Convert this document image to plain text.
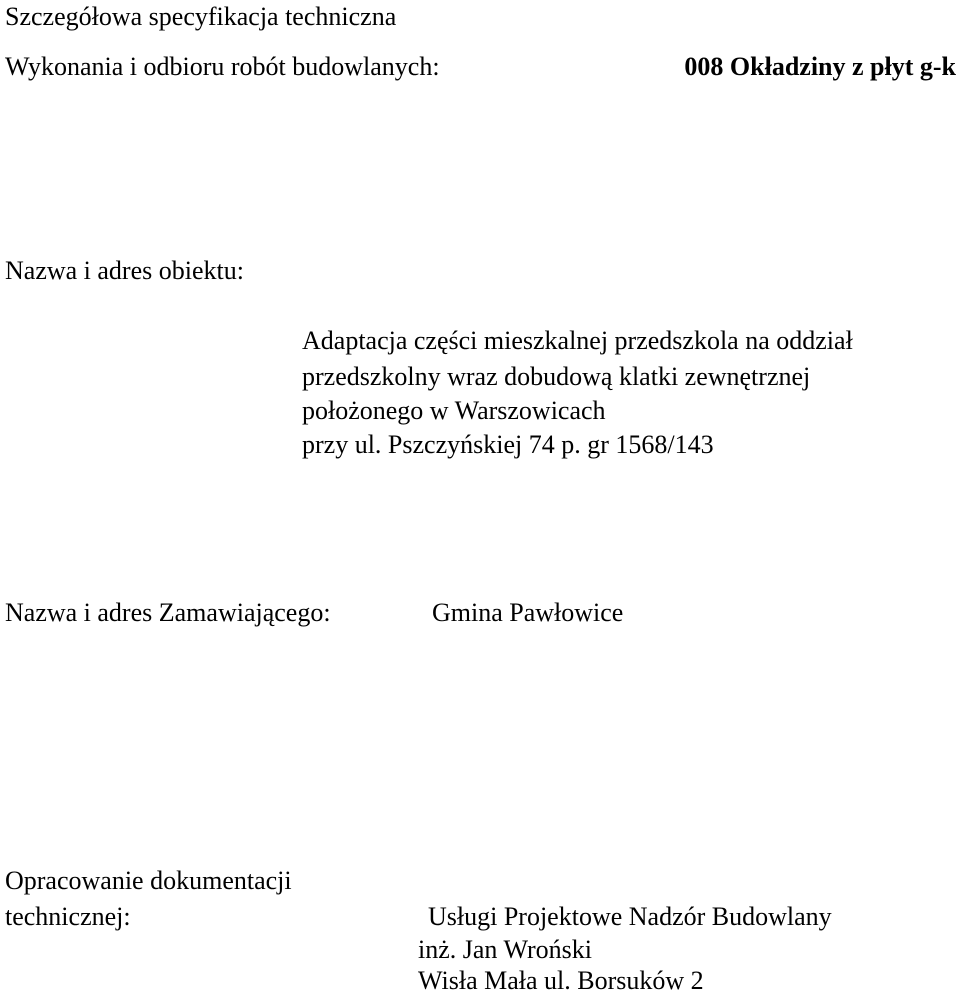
Szczegółowa specyfikacja techniczna
Wykonania i odbioru robót budowlanych:	008 Okładziny z płyt g-k
Nazwa i adres obiektu:
Adaptacja części mieszkalnej przedszkola na oddział
przedszkolny wraz dobudową klatki zewnętrznej
położonego w Warszowicach
przy ul. Pszczyńskiej 74 p. gr 1568/143
Nazwa i adres Zamawiającego:	Gmina Pawłowice
Opracowanie dokumentacji
technicznej:	Usługi Projektowe Nadzór Budowlany
inż. Jan Wroński
Wisła Mała ul. Borsuków 2
